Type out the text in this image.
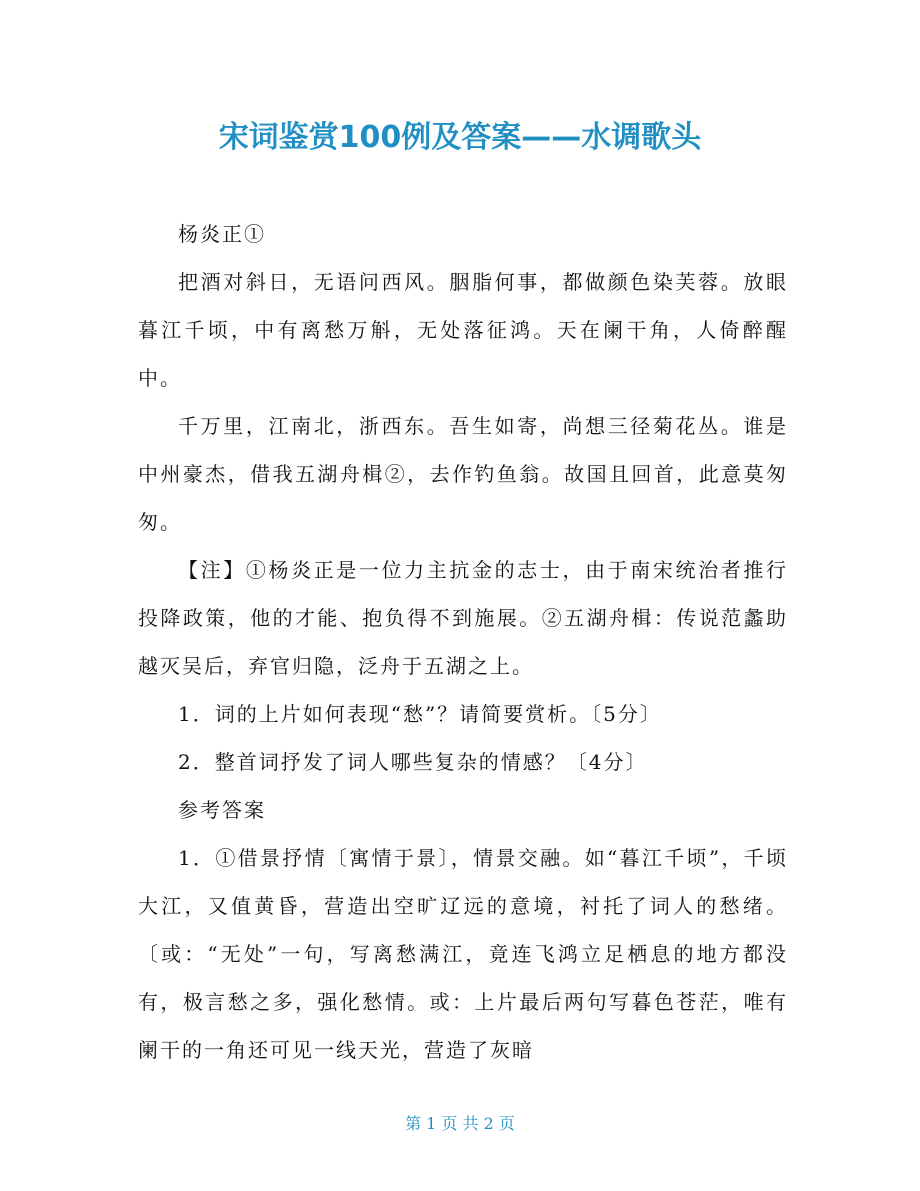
宋词鉴赏100例及答案——水调歌头

杨炎正①

把酒对斜日，无语问西风。胭脂何事，都做颜色染芙蓉。放眼暮江千顷，中有离愁万斛，无处落征鸿。天在阑干角，人倚醉醒中。

千万里，江南北，浙西东。吾生如寄，尚想三径菊花丛。谁是中州豪杰，借我五湖舟楫②，去作钓鱼翁。故国且回首，此意莫匆匆。

【注】①杨炎正是一位力主抗金的志士，由于南宋统治者推行投降政策，他的才能、抱负得不到施展。②五湖舟楫：传说范蠡助越灭吴后，弃官归隐，泛舟于五湖之上。

1．词的上片如何表现“愁”？请简要赏析。〔5分〕

2．整首词抒发了词人哪些复杂的情感？〔4分〕

参考答案

1．①借景抒情〔寓情于景〕，情景交融。如“暮江千顷”，千顷大江，又值黄昏，营造出空旷辽远的意境，衬托了词人的愁绪。〔或：“无处”一句，写离愁满江，竟连飞鸿立足栖息的地方都没有，极言愁之多，强化愁情。或：上片最后两句写暮色苍茫，唯有阑干的一角还可见一线天光，营造了灰暗

第 1 页 共 2 页
